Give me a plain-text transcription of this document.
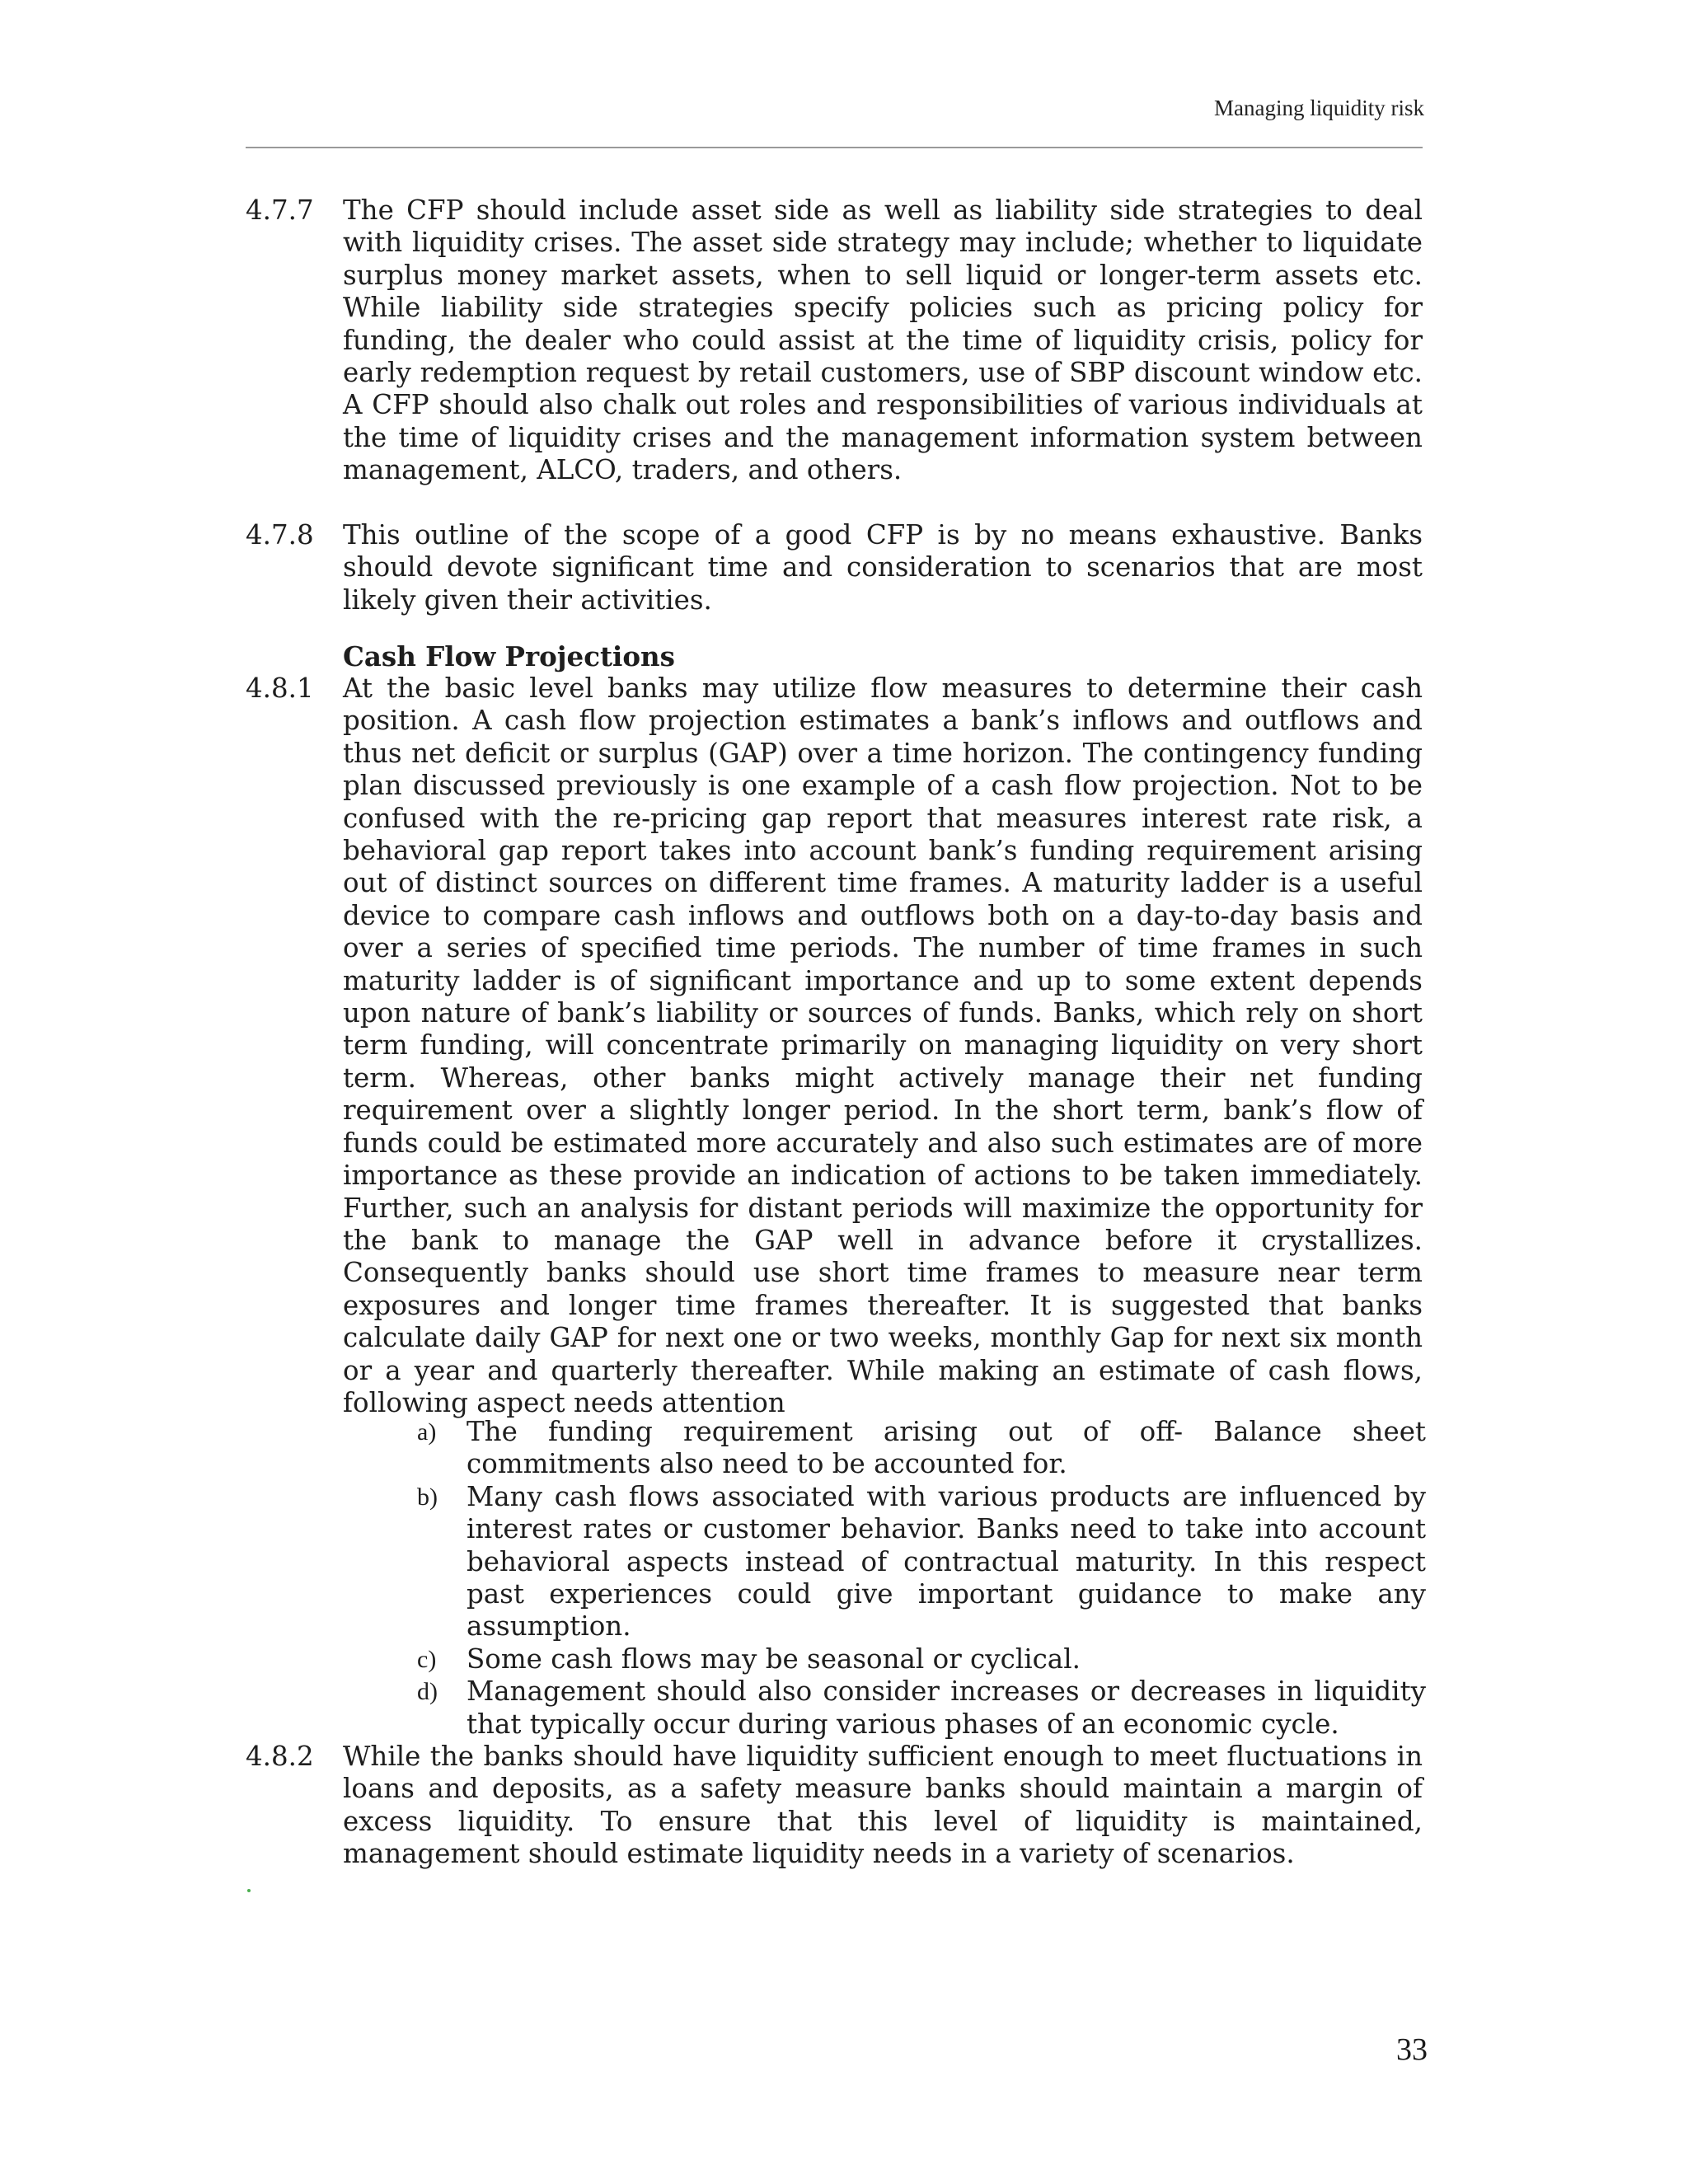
Managing liquidity risk
4.7.7	The CFP should include asset side as well as liability side strategies to deal with liquidity crises. The asset side strategy may include; whether to liquidate surplus money market assets, when to sell liquid or longer-term assets etc. While liability side strategies specify policies such as pricing policy for funding, the dealer who could assist at the time of liquidity crisis, policy for early redemption request by retail customers, use of SBP discount window etc. A CFP should also chalk out roles and responsibilities of various individuals at the time of liquidity crises and the management information system between management, ALCO, traders, and others.
4.7.8	This outline of the scope of a good CFP is by no means exhaustive. Banks should devote significant time and consideration to scenarios that are most likely given their activities.
Cash Flow Projections
4.8.1	At the basic level banks may utilize flow measures to determine their cash position. A cash flow projection estimates a bank’s inflows and outflows and thus net deficit or surplus (GAP) over a time horizon. The contingency funding plan discussed previously is one example of a cash flow projection. Not to be confused with the re-pricing gap report that measures interest rate risk, a behavioral gap report takes into account bank’s funding requirement arising out of distinct sources on different time frames. A maturity ladder is a useful device to compare cash inflows and outflows both on a day-to-day basis and over a series of specified time periods. The number of time frames in such maturity ladder is of significant importance and up to some extent depends upon nature of bank’s liability or sources of funds. Banks, which rely on short term funding, will concentrate primarily on managing liquidity on very short term. Whereas, other banks might actively manage their net funding requirement over a slightly longer period. In the short term, bank’s flow of funds could be estimated more accurately and also such estimates are of more importance as these provide an indication of actions to be taken immediately. Further, such an analysis for distant periods will maximize the opportunity for the bank to manage the GAP well in advance before it crystallizes. Consequently banks should use short time frames to measure near term exposures and longer time frames thereafter. It is suggested that banks calculate daily GAP for next one or two weeks, monthly Gap for next six month or a year and quarterly thereafter. While making an estimate of cash flows, following aspect needs attention
a)	The funding requirement arising out of off- Balance sheet commitments also need to be accounted for.
b)	Many cash flows associated with various products are influenced by interest rates or customer behavior. Banks need to take into account behavioral aspects instead of contractual maturity. In this respect past experiences could give important guidance to make any assumption.
c)	Some cash flows may be seasonal or cyclical.
d)	Management should also consider increases or decreases in liquidity that typically occur during various phases of an economic cycle.
4.8.2	While the banks should have liquidity sufficient enough to meet fluctuations in loans and deposits, as a safety measure banks should maintain a margin of excess liquidity. To ensure that this level of liquidity is maintained, management should estimate liquidity needs in a variety of scenarios.
33
